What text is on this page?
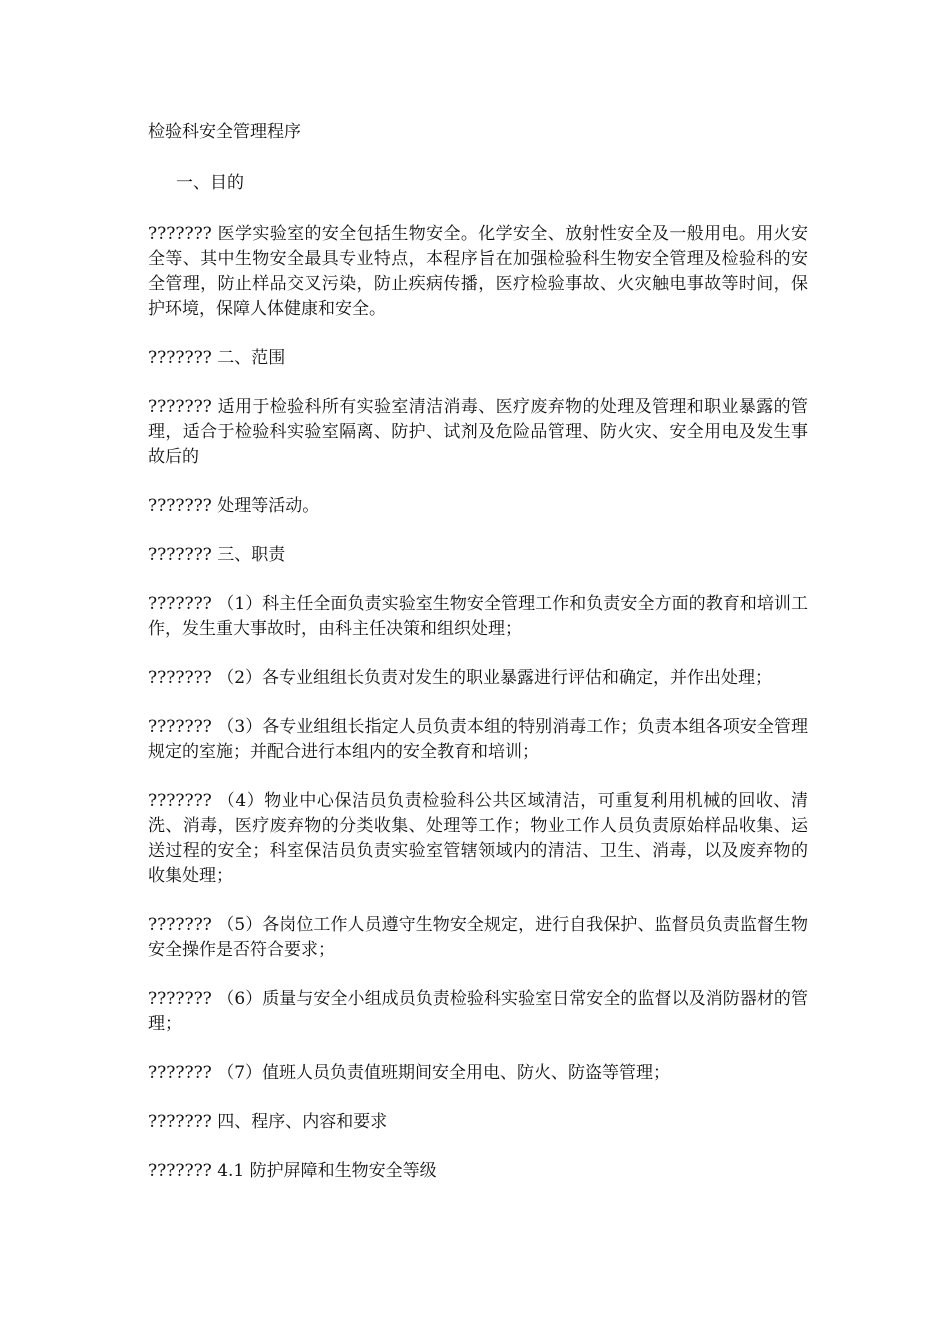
检验科安全管理程序

一、目的

??????? 医学实验室的安全包括生物安全。化学安全、放射性安全及一般用电。用火安全等、其中生物安全最具专业特点，本程序旨在加强检验科生物安全管理及检验科的安全管理，防止样品交叉污染，防止疾病传播，医疗检验事故、火灾触电事故等时间，保护环境，保障人体健康和安全。

??????? 二、范围

??????? 适用于检验科所有实验室清洁消毒、医疗废弃物的处理及管理和职业暴露的管理，适合于检验科实验室隔离、防护、试剂及危险品管理、防火灾、安全用电及发生事故后的

??????? 处理等活动。

??????? 三、职责

??????? （1）科主任全面负责实验室生物安全管理工作和负责安全方面的教育和培训工作，发生重大事故时，由科主任决策和组织处理；

??????? （2）各专业组组长负责对发生的职业暴露进行评估和确定，并作出处理；

??????? （3）各专业组组长指定人员负责本组的特别消毒工作；负责本组各项安全管理规定的室施；并配合进行本组内的安全教育和培训；

??????? （4）物业中心保洁员负责检验科公共区域清洁，可重复利用机械的回收、清洗、消毒，医疗废弃物的分类收集、处理等工作；物业工作人员负责原始样品收集、运送过程的安全；科室保洁员负责实验室管辖领域内的清洁、卫生、消毒，以及废弃物的收集处理；

??????? （5）各岗位工作人员遵守生物安全规定，进行自我保护、监督员负责监督生物安全操作是否符合要求；

??????? （6）质量与安全小组成员负责检验科实验室日常安全的监督以及消防器材的管理；

??????? （7）值班人员负责值班期间安全用电、防火、防盗等管理；

??????? 四、程序、内容和要求

??????? 4.1 防护屏障和生物安全等级
